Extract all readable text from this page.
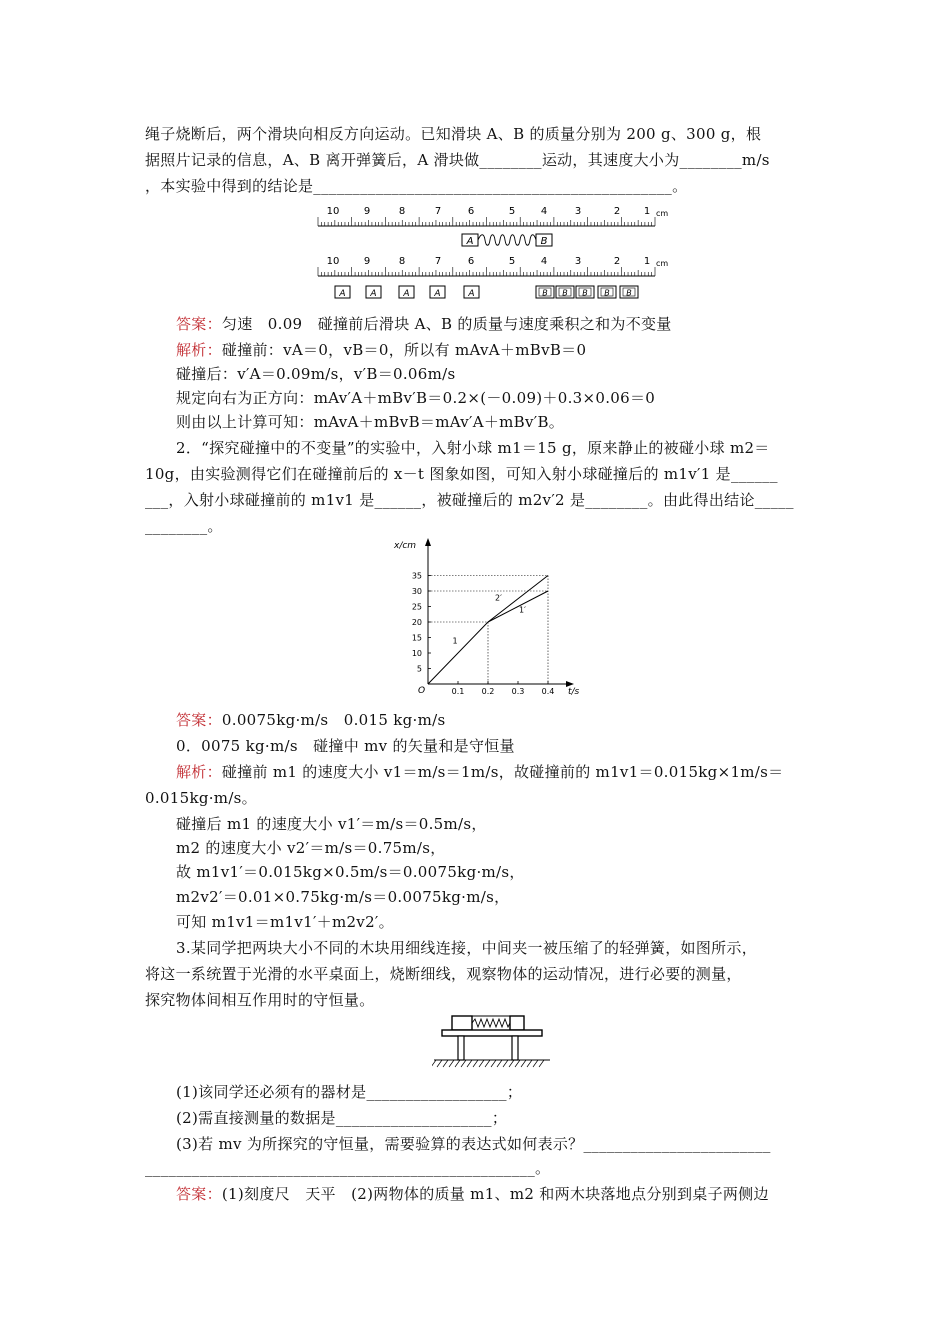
绳子烧断后，两个滑块向相反方向运动。已知滑块 A、B 的质量分别为 200 g、300 g，根
据照片记录的信息，A、B 离开弹簧后，A 滑块做________运动，其速度大小为________m/s
，本实验中得到的结论是______________________________________________。
10 9	8	7	6	5	4	3	2 1 cm
10 9	8	7	6	5	4	3	2 1 cm
A	B
A	A	A	A	A	B B B B B
答案：匀速　0.09　碰撞前后滑块 A、B 的质量与速度乘积之和为不变量
解析：碰撞前：vA＝0，vB＝0，所以有 mAvA＋mBvB＝0
碰撞后：v′A＝0.09m/s，v′B＝0.06m/s
规定向右为正方向：mAv′A＋mBv′B＝0.2×(－0.09)＋0.3×0.06＝0
则由以上计算可知：mAvA＋mBvB＝mAv′A＋mBv′B。
2．“探究碰撞中的不变量”的实验中，入射小球 m1＝15 g，原来静止的被碰小球 m2＝
10g，由实验测得它们在碰撞前后的 x－t 图象如图，可知入射小球碰撞后的 m1v′1 是______
___，入射小球碰撞前的 m1v1 是______，被碰撞后的 m2v′2 是________。由此得出结论_____
________。
x/cm
t/s
O	0.1 0.2 0.3 0.4
5
10
15
20
25
30
35
1
2′
1′
答案：0.0075kg·m/s　0.015 kg·m/s
0．0075 kg·m/s　碰撞中 mv 的矢量和是守恒量
解析：碰撞前 m1 的速度大小 v1＝m/s＝1m/s，故碰撞前的 m1v1＝0.015kg×1m/s＝
0.015kg·m/s。
碰撞后 m1 的速度大小 v1′＝m/s＝0.5m/s，
m2 的速度大小 v2′＝m/s＝0.75m/s，
故 m1v1′＝0.015kg×0.5m/s＝0.0075kg·m/s，
m2v2′＝0.01×0.75kg·m/s＝0.0075kg·m/s，
可知 m1v1＝m1v1′＋m2v2′。
3.某同学把两块大小不同的木块用细线连接，中间夹一被压缩了的轻弹簧，如图所示，
将这一系统置于光滑的水平桌面上，烧断细线，观察物体的运动情况，进行必要的测量，
探究物体间相互作用时的守恒量。
(1)该同学还必须有的器材是__________________；
(2)需直接测量的数据是____________________；
(3)若 mv 为所探究的守恒量，需要验算的表达式如何表示？________________________
__________________________________________________。
答案：(1)刻度尺　天平　(2)两物体的质量 m1、m2 和两木块落地点分别到桌子两侧边
